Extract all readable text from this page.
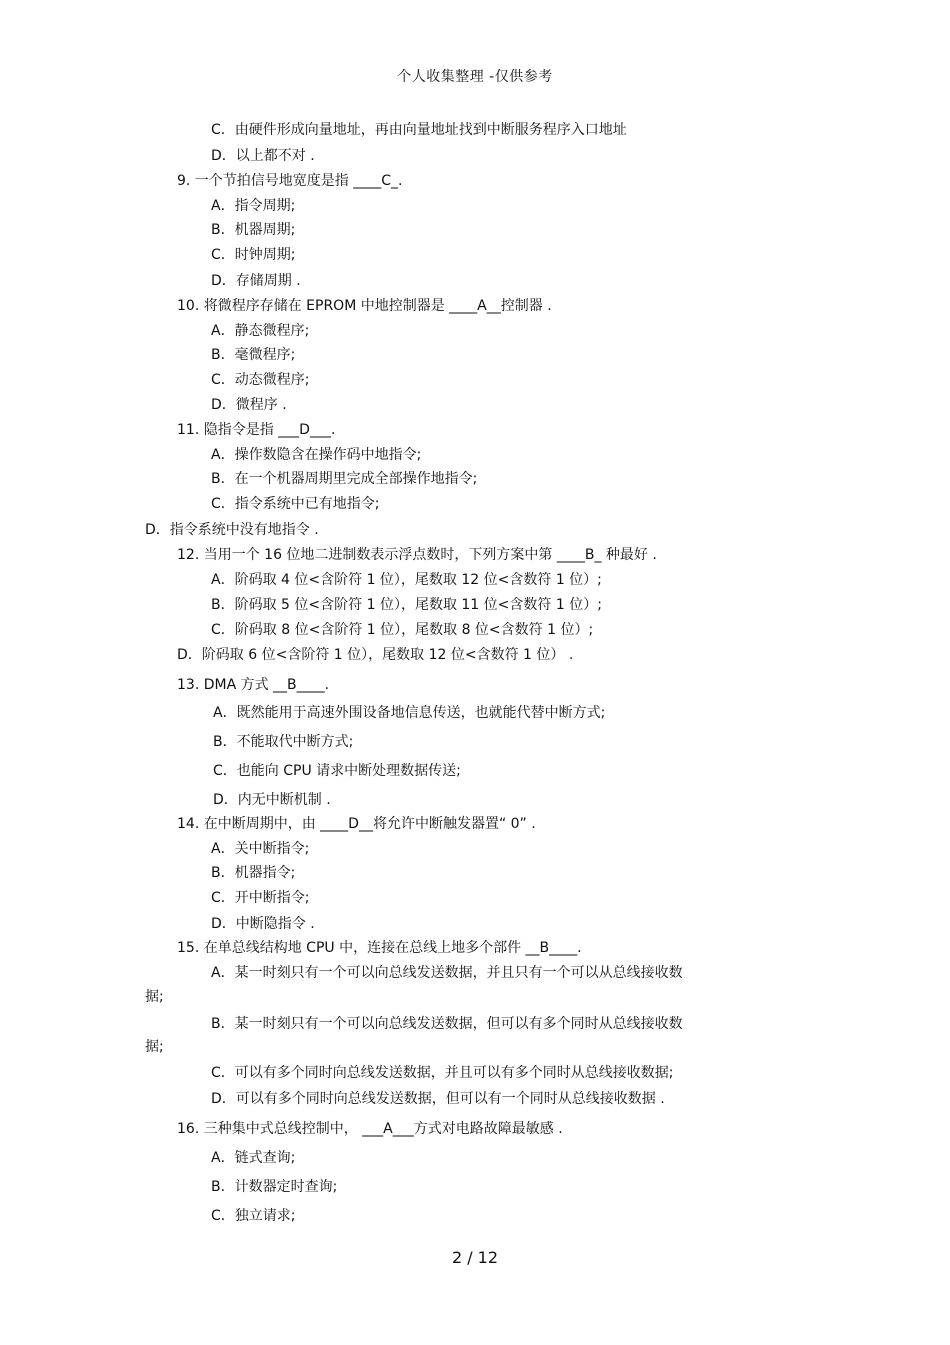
个人收集整理 -仅供参考
C．由硬件形成向量地址，再由向量地址找到中断服务程序入口地址
D．以上都不对 .
9. 一个节拍信号地宽度是指 ____C_.
A．指令周期;
B．机器周期;
C．时钟周期;
D．存储周期 .
10. 将微程序存储在 EPROM 中地控制器是 ____A__控制器 .
A．静态微程序;
B．毫微程序;
C．动态微程序;
D．微程序 .
11. 隐指令是指 ___D___.
A．操作数隐含在操作码中地指令;
B．在一个机器周期里完成全部操作地指令;
C．指令系统中已有地指令;
D．指令系统中没有地指令 .
12. 当用一个 16 位地二进制数表示浮点数时，下列方案中第 ____B_ 种最好 .
A．阶码取 4 位<含阶符 1 位），尾数取 12 位<含数符 1 位）;
B．阶码取 5 位<含阶符 1 位），尾数取 11 位<含数符 1 位）;
C．阶码取 8 位<含阶符 1 位），尾数取 8 位<含数符 1 位）;
D．阶码取 6 位<含阶符 1 位），尾数取 12 位<含数符 1 位） .
13. DMA 方式 __B____.
A．既然能用于高速外围设备地信息传送，也就能代替中断方式;
B．不能取代中断方式;
C．也能向 CPU 请求中断处理数据传送;
D．内无中断机制 .
14. 在中断周期中，由 ____D__将允许中断触发器置“ 0” .
A．关中断指令;
B．机器指令;
C．开中断指令;
D．中断隐指令 .
15. 在单总线结构地 CPU 中，连接在总线上地多个部件 __B____.
A．某一时刻只有一个可以向总线发送数据，并且只有一个可以从总线接收数
据;
B．某一时刻只有一个可以向总线发送数据，但可以有多个同时从总线接收数
据;
C．可以有多个同时向总线发送数据，并且可以有多个同时从总线接收数据;
D．可以有多个同时向总线发送数据，但可以有一个同时从总线接收数据 .
16. 三种集中式总线控制中， ___A___方式对电路故障最敏感 .
A．链式查询;
B．计数器定时查询;
C．独立请求;
2 / 12
